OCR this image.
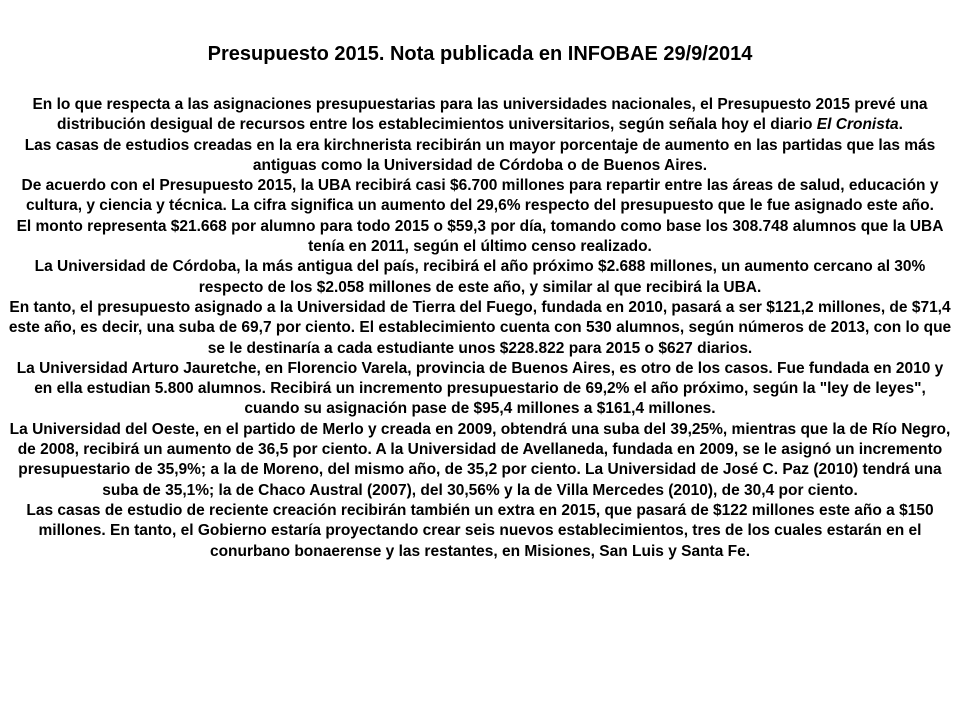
Presupuesto 2015. Nota publicada en INFOBAE 29/9/2014

En lo que respecta a las asignaciones presupuestarias para las universidades nacionales, el Presupuesto 2015 prevé una distribución desigual de recursos entre los establecimientos universitarios, según señala hoy el diario El Cronista.

Las casas de estudios creadas en la era kirchnerista recibirán un mayor porcentaje de aumento en las partidas que las más antiguas como la Universidad de Córdoba o de Buenos Aires.

De acuerdo con el Presupuesto 2015, la UBA recibirá casi $6.700 millones para repartir entre las áreas de salud, educación y cultura, y ciencia y técnica. La cifra significa un aumento del 29,6% respecto del presupuesto que le fue asignado este año.

El monto representa $21.668 por alumno para todo 2015 o $59,3 por día, tomando como base los 308.748 alumnos que la UBA tenía en 2011, según el último censo realizado.

La Universidad de Córdoba, la más antigua del país, recibirá el año próximo $2.688 millones, un aumento cercano al 30% respecto de los $2.058 millones de este año, y similar al que recibirá la UBA.

En tanto, el presupuesto asignado a la Universidad de Tierra del Fuego, fundada en 2010, pasará a ser $121,2 millones, de $71,4 este año, es decir, una suba de 69,7 por ciento. El establecimiento cuenta con 530 alumnos, según números de 2013, con lo que se le destinaría a cada estudiante unos $228.822 para 2015 o $627 diarios.

La Universidad Arturo Jauretche, en Florencio Varela, provincia de Buenos Aires, es otro de los casos. Fue fundada en 2010 y en ella estudian 5.800 alumnos. Recibirá un incremento presupuestario de 69,2% el año próximo, según la "ley de leyes", cuando su asignación pase de $95,4 millones a $161,4 millones.

La Universidad del Oeste, en el partido de Merlo y creada en 2009, obtendrá una suba del 39,25%, mientras que la de Río Negro, de 2008, recibirá un aumento de 36,5 por ciento. A la Universidad de Avellaneda, fundada en 2009, se le asignó un incremento presupuestario de 35,9%; a la de Moreno, del mismo año, de 35,2 por ciento. La Universidad de José C. Paz (2010) tendrá una suba de 35,1%; la de Chaco Austral (2007), del 30,56% y la de Villa Mercedes (2010), de 30,4 por ciento.

Las casas de estudio de reciente creación recibirán también un extra en 2015, que pasará de $122 millones este año a $150 millones. En tanto, el Gobierno estaría proyectando crear seis nuevos establecimientos, tres de los cuales estarán en el conurbano bonaerense y las restantes, en Misiones, San Luis y Santa Fe.
